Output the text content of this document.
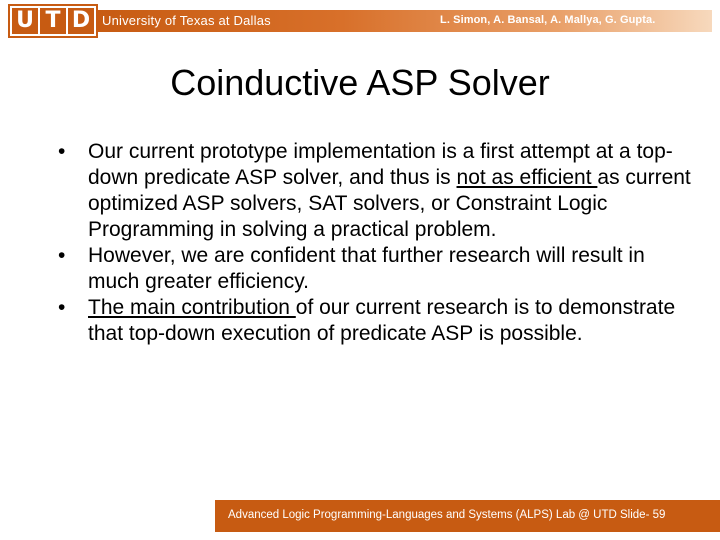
U T D University of Texas at Dallas	L. Simon, A. Bansal, A. Mallya, G. Gupta.
Coinductive ASP Solver
•	Our current prototype implementation is a first attempt at a top-down predicate ASP solver, and thus is not as efficient as current optimized ASP solvers, SAT solvers, or Constraint Logic Programming in solving a practical problem.
•	However, we are confident that further research will result in much greater efficiency.
•	The main contribution of our current research is to demonstrate that top-down execution of predicate ASP is possible.
Advanced Logic Programming-Languages and Systems (ALPS) Lab @ UTD Slide- 59
